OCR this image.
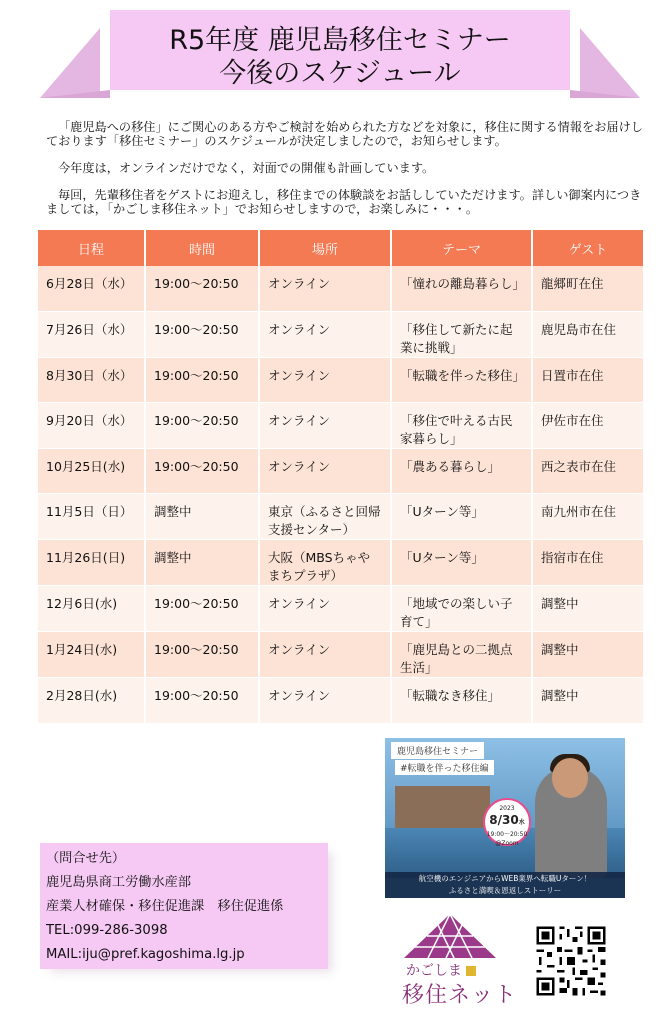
R5年度 鹿児島移住セミナー
今後のスケジュール

「鹿児島への移住」にご関心のある方やご検討を始められた方などを対象に，移住に関する情報をお届けしております「移住セミナー」のスケジュールが決定しましたので，お知らせします。

今年度は，オンラインだけでなく，対面での開催も計画しています。

毎回，先輩移住者をゲストにお迎えし，移住までの体験談をお話ししていただけます。詳しい御案内につきましては，「かごしま移住ネット」でお知らせしますので，お楽しみに・・・。

日程	時間	場所	テーマ	ゲスト
6月28日（水）	19:00～20:50	オンライン	「憧れの離島暮らし」	龍郷町在住
7月26日（水）	19:00～20:50	オンライン	「移住して新たに起業に挑戦」	鹿児島市在住
8月30日（水）	19:00～20:50	オンライン	「転職を伴った移住」	日置市在住
9月20日（水）	19:00～20:50	オンライン	「移住で叶える古民家暮らし」	伊佐市在住
10月25日(水)	19:00～20:50	オンライン	「農ある暮らし」	西之表市在住
11月5日（日）	調整中	東京（ふるさと回帰支援センター）	「Uターン等」	南九州市在住
11月26日(日)	調整中	大阪（MBSちゃやまちプラザ）	「Uターン等」	指宿市在住
12月6日(水)	19:00～20:50	オンライン	「地域での楽しい子育て」	調整中
1月24日(水)	19:00～20:50	オンライン	「鹿児島との二拠点生活」	調整中
2月28日(水)	19:00～20:50	オンライン	「転職なき移住」	調整中
鹿児島移住セミナー
#転職を伴った移住編
2023
8/30水
19:00～20:50
@Zoom
航空機のエンジニアからWEB業界へ転職Uターン！
ふるさと満喫＆恩返しストーリー
（問合せ先）
鹿児島県商工労働水産部
産業人材確保・移住促進課　移住促進係
TEL:099-286-3098
MAIL:iju@pref.kagoshima.lg.jp
かごしま
移住ネット
